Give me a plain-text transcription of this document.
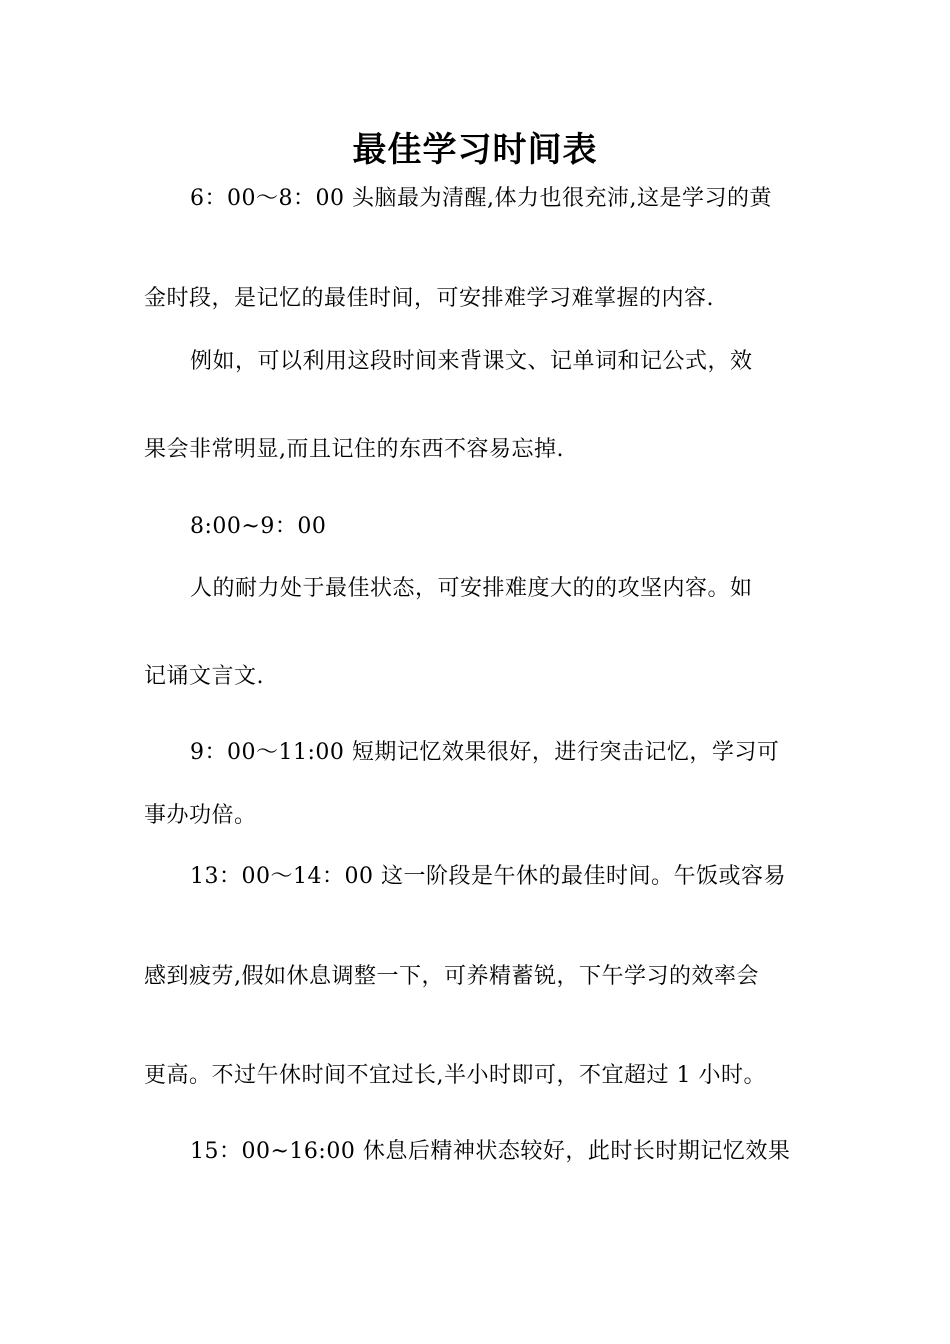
最佳学习时间表
6：00～8：00 头脑最为清醒,体力也很充沛,这是学习的黄
金时段，是记忆的最佳时间，可安排难学习难掌握的内容.
例如，可以利用这段时间来背课文、记单词和记公式，效
果会非常明显,而且记住的东西不容易忘掉.
8:00~9：00
人的耐力处于最佳状态，可安排难度大的的攻坚内容。如
记诵文言文.
9：00～11:00 短期记忆效果很好，进行突击记忆，学习可
事办功倍。
13：00～14：00 这一阶段是午休的最佳时间。午饭或容易
感到疲劳,假如休息调整一下，可养精蓄锐，下午学习的效率会
更高。不过午休时间不宜过长,半小时即可，不宜超过 1 小时。
15：00~16:00 休息后精神状态较好，此时长时期记忆效果
